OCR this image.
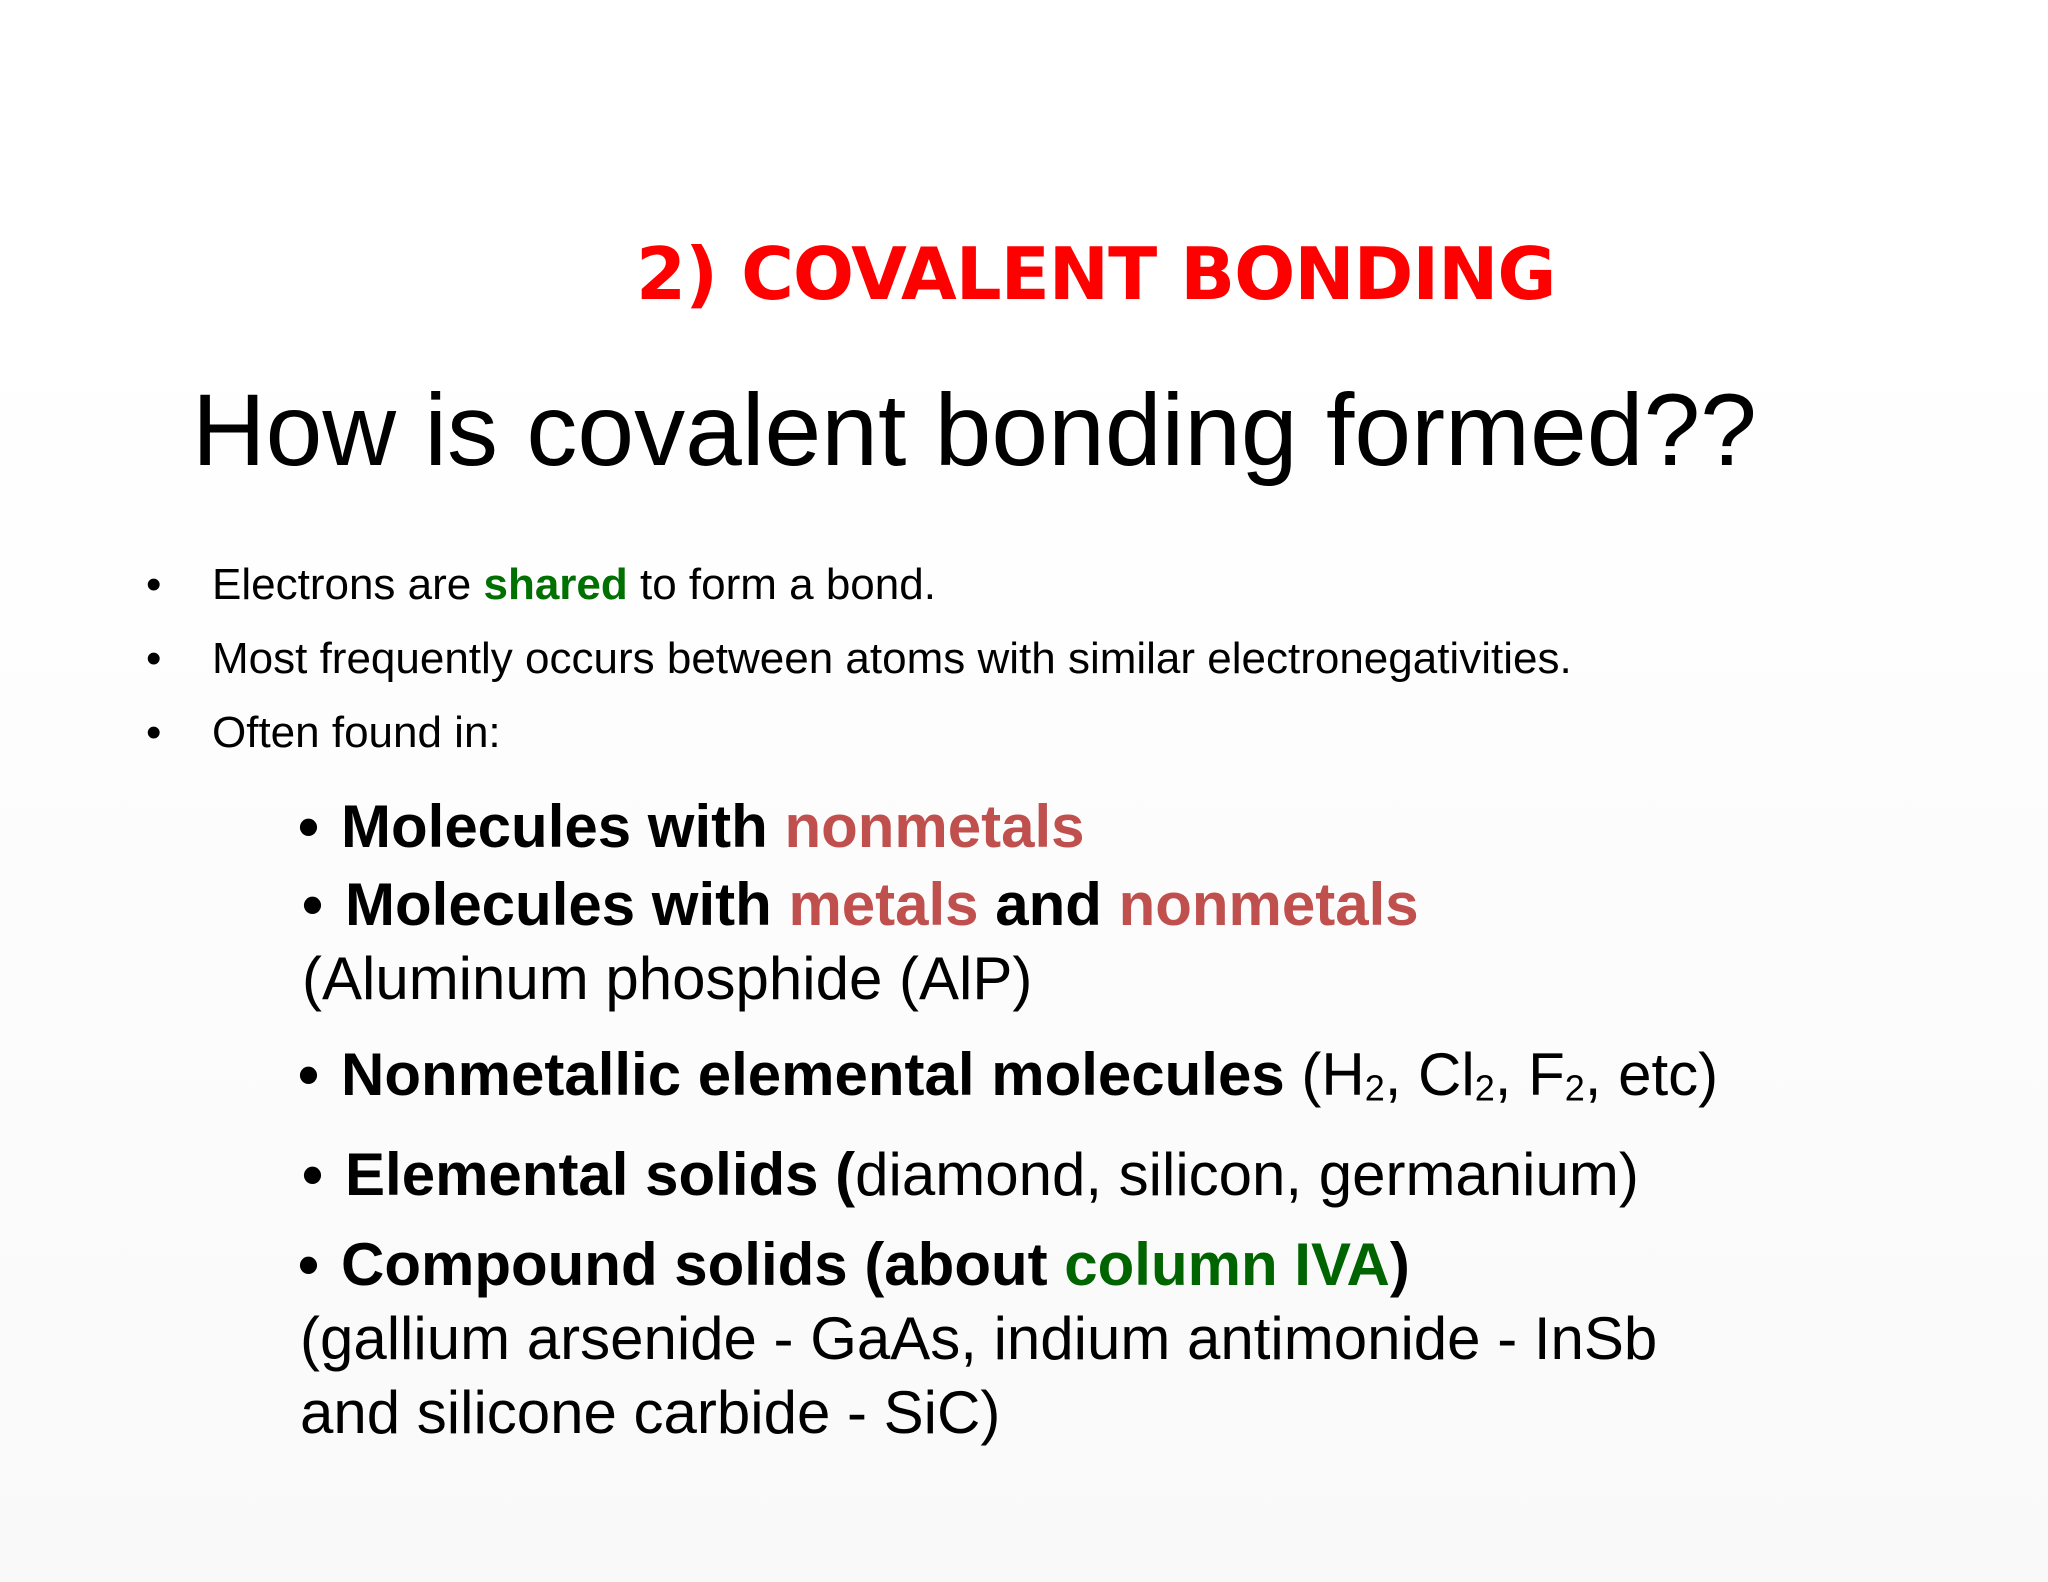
2) COVALENT BONDING
How is covalent bonding formed??
• Electrons are shared to form a bond.
• Most frequently occurs between atoms with similar electronegativities.
• Often found in:
• Molecules with nonmetals
• Molecules with metals and nonmetals
(Aluminum phosphide (AlP)
• Nonmetallic elemental molecules ($H_2$, $Cl_2$, $F_2$, etc)
• Elemental solids (diamond, silicon, germanium)
• Compound solids (about column IVA)
(gallium arsenide - GaAs, indium antimonide - InSb
and silicone carbide - SiC)
